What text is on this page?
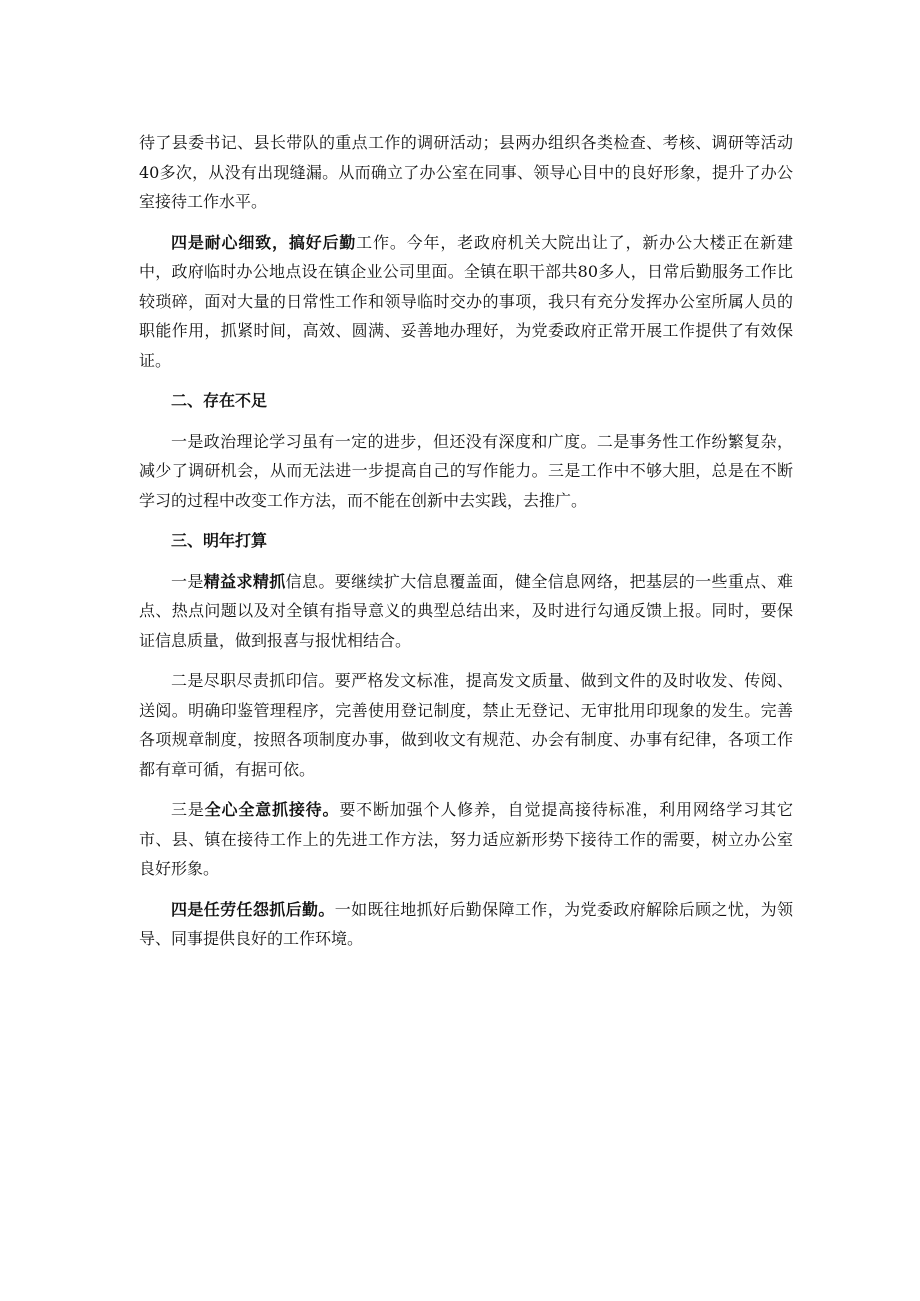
待了县委书记、县长带队的重点工作的调研活动；县两办组织各类检查、考核、调研等活动40多次，从没有出现缝漏。从而确立了办公室在同事、领导心目中的良好形象，提升了办公室接待工作水平。

四是耐心细致，搞好后勤工作。今年，老政府机关大院出让了，新办公大楼正在新建中，政府临时办公地点设在镇企业公司里面。全镇在职干部共80多人，日常后勤服务工作比较琐碎，面对大量的日常性工作和领导临时交办的事项，我只有充分发挥办公室所属人员的职能作用，抓紧时间，高效、圆满、妥善地办理好，为党委政府正常开展工作提供了有效保证。

二、存在不足

一是政治理论学习虽有一定的进步，但还没有深度和广度。二是事务性工作纷繁复杂，减少了调研机会，从而无法进一步提高自己的写作能力。三是工作中不够大胆，总是在不断学习的过程中改变工作方法，而不能在创新中去实践，去推广。

三、明年打算

一是精益求精抓信息。要继续扩大信息覆盖面，健全信息网络，把基层的一些重点、难点、热点问题以及对全镇有指导意义的典型总结出来，及时进行勾通反馈上报。同时，要保证信息质量，做到报喜与报忧相结合。

二是尽职尽责抓印信。要严格发文标准，提高发文质量、做到文件的及时收发、传阅、送阅。明确印鉴管理程序，完善使用登记制度，禁止无登记、无审批用印现象的发生。完善各项规章制度，按照各项制度办事，做到收文有规范、办会有制度、办事有纪律，各项工作都有章可循，有据可依。

三是全心全意抓接待。要不断加强个人修养，自觉提高接待标准，利用网络学习其它市、县、镇在接待工作上的先进工作方法，努力适应新形势下接待工作的需要，树立办公室良好形象。

四是任劳任怨抓后勤。一如既往地抓好后勤保障工作，为党委政府解除后顾之忧，为领导、同事提供良好的工作环境。
